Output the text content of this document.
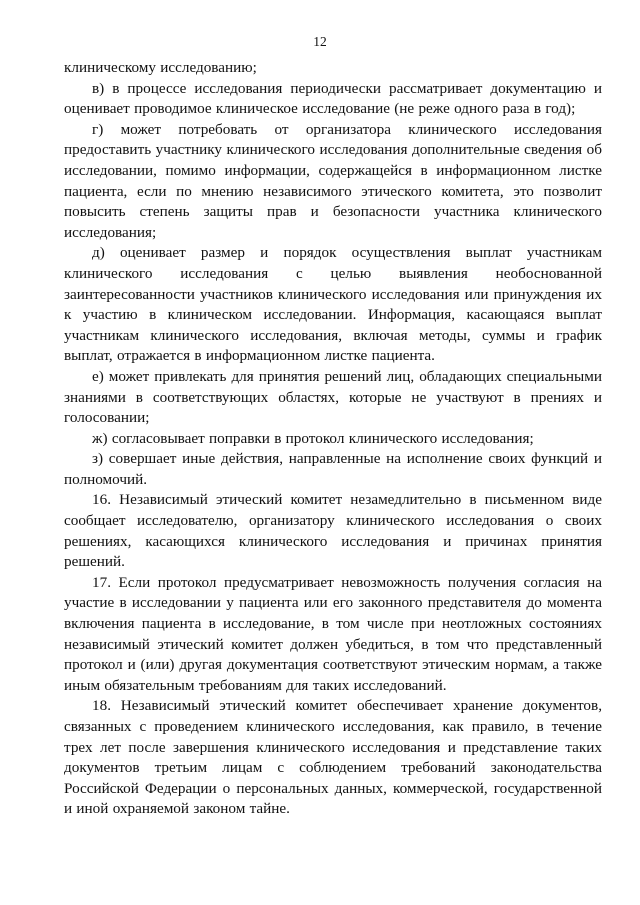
12

клиническому исследованию;

в) в процессе исследования периодически рассматривает документацию и оценивает проводимое клиническое исследование (не реже одного раза в год);

г) может потребовать от организатора клинического исследования предоставить участнику клинического исследования дополнительные сведения об исследовании, помимо информации, содержащейся в информационном листке пациента, если по мнению независимого этического комитета, это позволит повысить степень защиты прав и безопасности участника клинического исследования;

д) оценивает размер и порядок осуществления выплат участникам клинического исследования с целью выявления необоснованной заинтересованности участников клинического исследования или принуждения их к участию в клиническом исследовании. Информация, касающаяся выплат участникам клинического исследования, включая методы, суммы и график выплат, отражается в информационном листке пациента.

е) может привлекать для принятия решений лиц, обладающих специальными знаниями в соответствующих областях, которые не участвуют в прениях и голосовании;

ж) согласовывает поправки в протокол клинического исследования;

з) совершает иные действия, направленные на исполнение своих функций и полномочий.

16. Независимый этический комитет незамедлительно в письменном виде сообщает исследователю, организатору клинического исследования о своих решениях, касающихся клинического исследования и причинах принятия решений.

17. Если протокол предусматривает невозможность получения согласия на участие в исследовании у пациента или его законного представителя до момента включения пациента в исследование, в том числе при неотложных состояниях независимый этический комитет должен убедиться, в том что представленный протокол и (или) другая документация соответствуют этическим нормам, а также иным обязательным требованиям для таких исследований.

18. Независимый этический комитет обеспечивает хранение документов, связанных с проведением клинического исследования, как правило, в течение трех лет после завершения клинического исследования и представление таких документов третьим лицам с соблюдением требований законодательства Российской Федерации о персональных данных, коммерческой, государственной и иной охраняемой законом тайне.
